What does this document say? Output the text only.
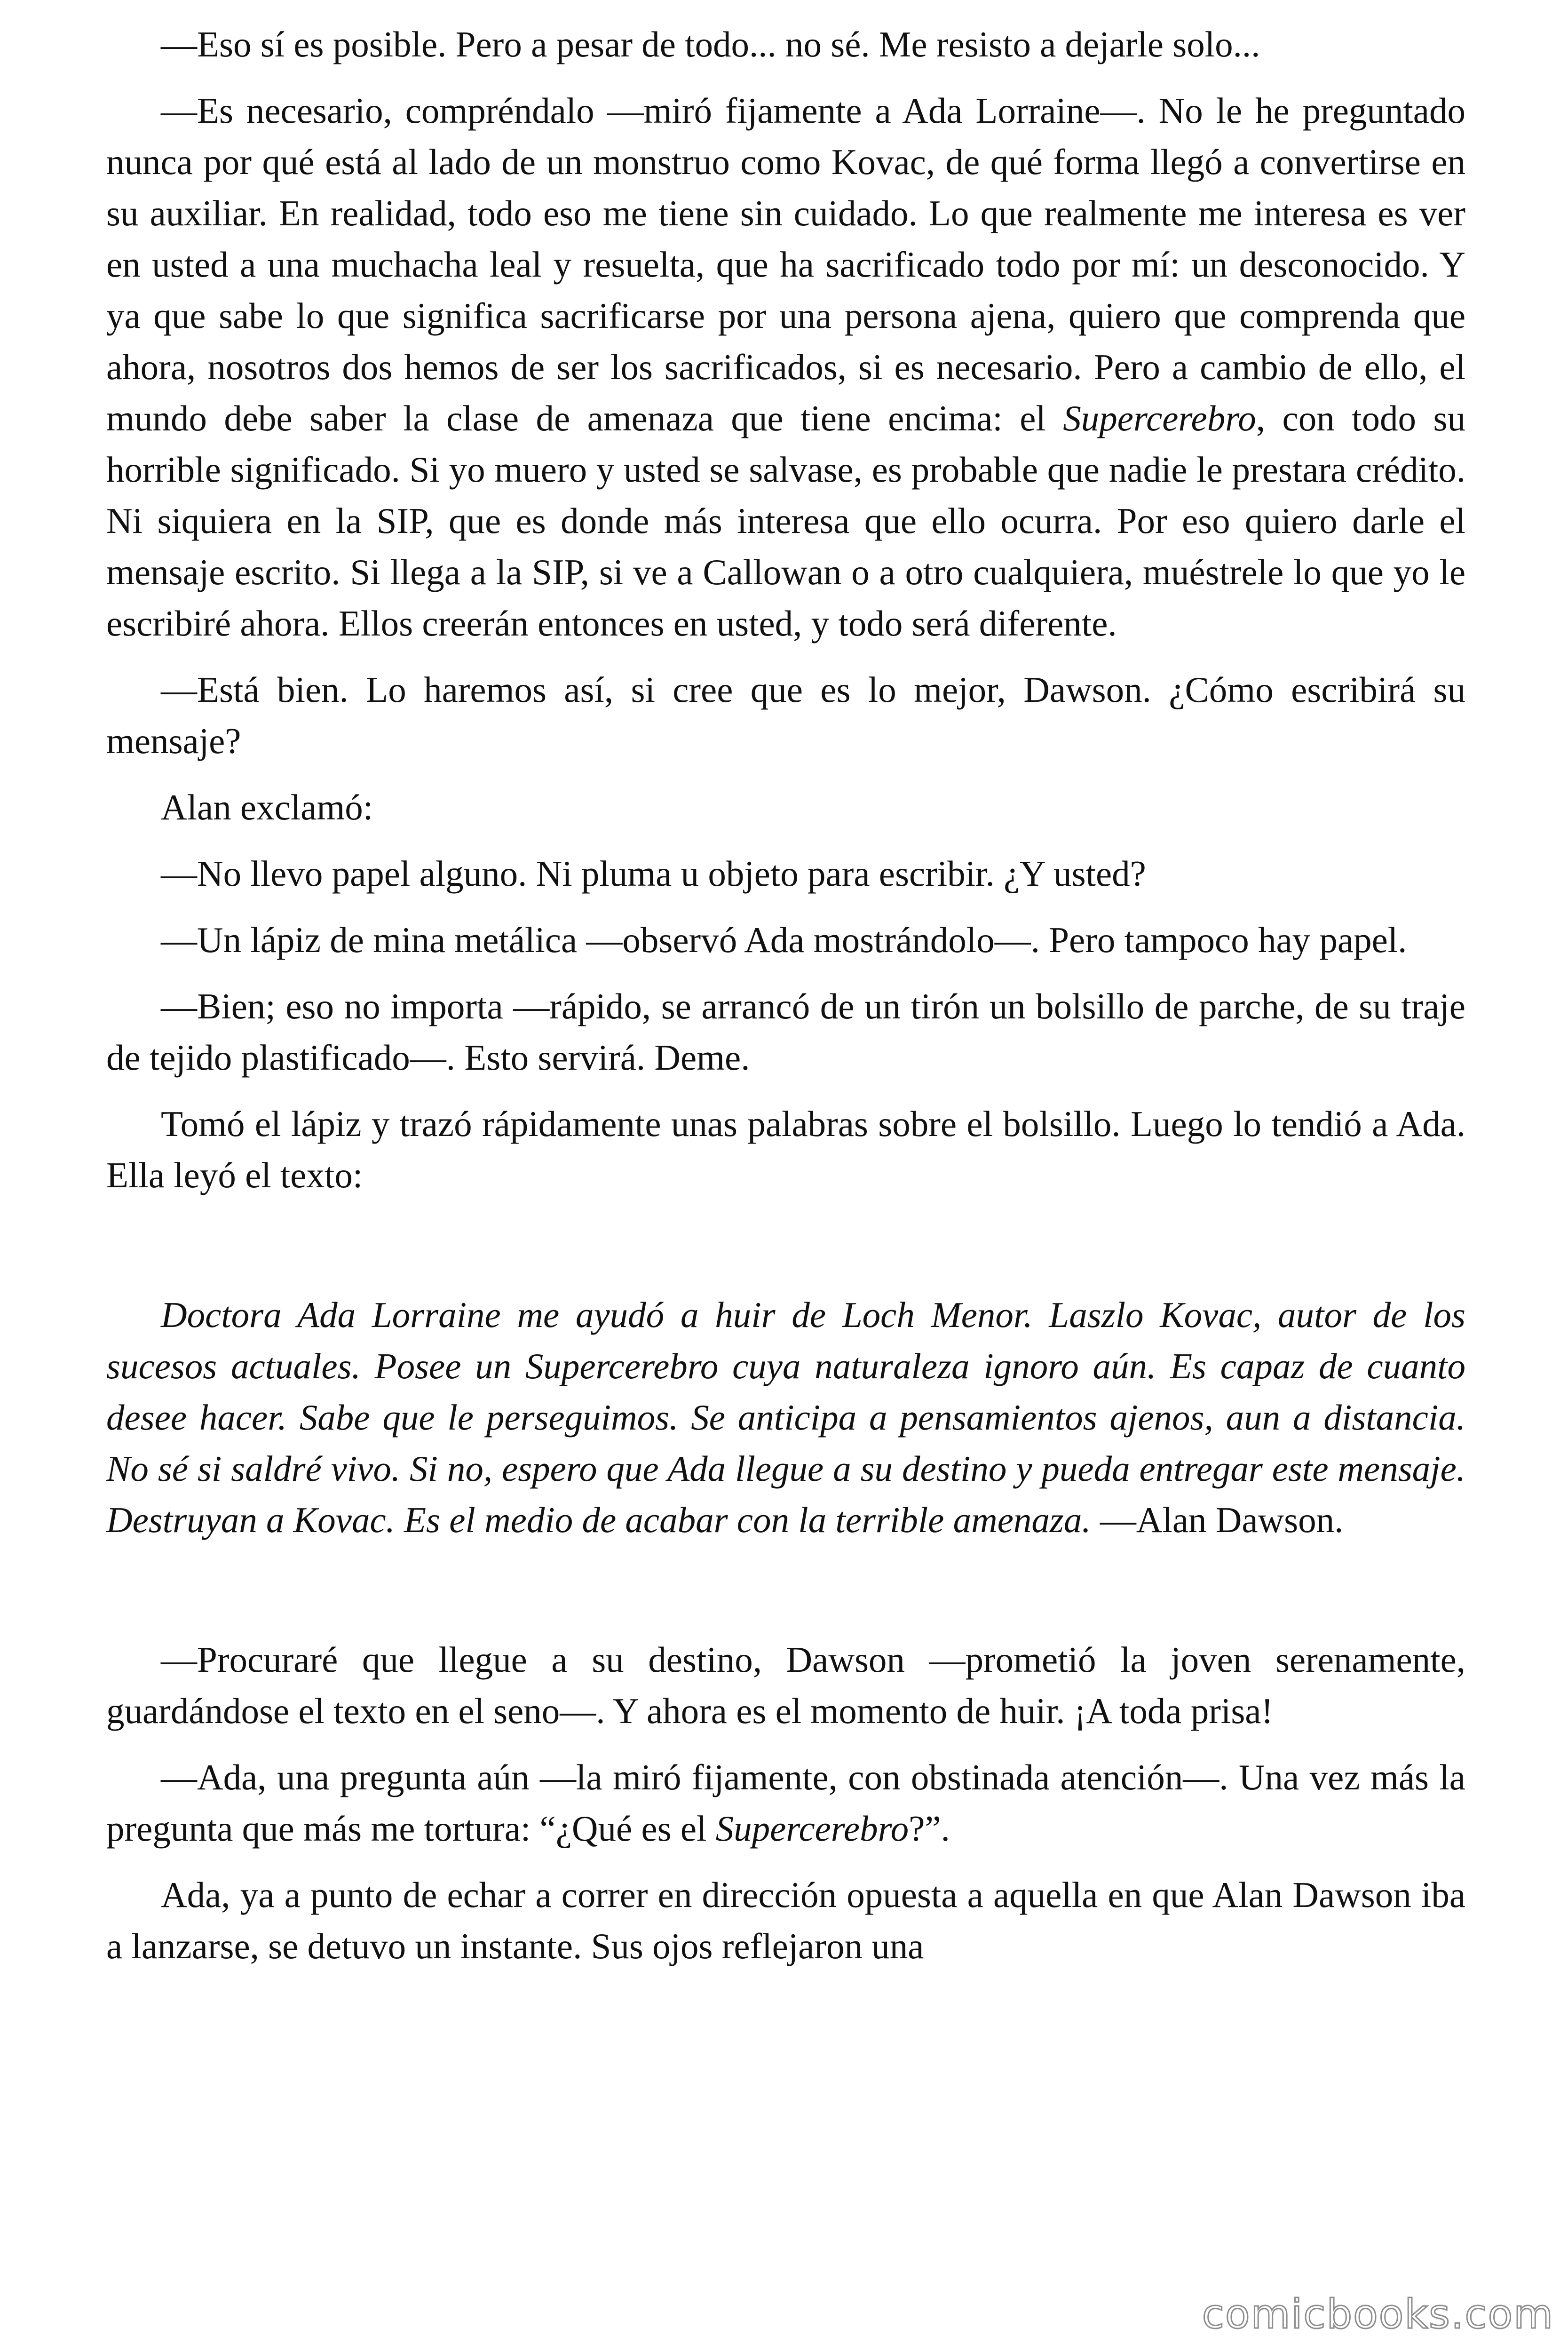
—Eso sí es posible. Pero a pesar de todo... no sé. Me resisto a dejarle solo...

—Es necesario, compréndalo —miró fijamente a Ada Lorraine—. No le he preguntado nunca por qué está al lado de un monstruo como Kovac, de qué forma llegó a convertirse en su auxiliar. En realidad, todo eso me tiene sin cuidado. Lo que realmente me interesa es ver en usted a una muchacha leal y resuelta, que ha sacrificado todo por mí: un desconocido. Y ya que sabe lo que significa sacrificarse por una persona ajena, quiero que comprenda que ahora, nosotros dos hemos de ser los sacrificados, si es necesario. Pero a cambio de ello, el mundo debe saber la clase de amenaza que tiene encima: el Supercerebro, con todo su horrible significado. Si yo muero y usted se salvase, es probable que nadie le prestara crédito. Ni siquiera en la SIP, que es donde más interesa que ello ocurra. Por eso quiero darle el mensaje escrito. Si llega a la SIP, si ve a Callowan o a otro cualquiera, muéstrele lo que yo le escribiré ahora. Ellos creerán entonces en usted, y todo será diferente.

—Está bien. Lo haremos así, si cree que es lo mejor, Dawson. ¿Cómo escribirá su mensaje?

Alan exclamó:

—No llevo papel alguno. Ni pluma u objeto para escribir. ¿Y usted?

—Un lápiz de mina metálica —observó Ada mostrándolo—. Pero tampoco hay papel.

—Bien; eso no importa —rápido, se arrancó de un tirón un bolsillo de parche, de su traje de tejido plastificado—. Esto servirá. Deme.

Tomó el lápiz y trazó rápidamente unas palabras sobre el bolsillo. Luego lo tendió a Ada. Ella leyó el texto:

Doctora Ada Lorraine me ayudó a huir de Loch Menor. Laszlo Kovac, autor de los sucesos actuales. Posee un Supercerebro cuya naturaleza ignoro aún. Es capaz de cuanto desee hacer. Sabe que le perseguimos. Se anticipa a pensamientos ajenos, aun a distancia. No sé si saldré vivo. Si no, espero que Ada llegue a su destino y pueda entregar este mensaje. Destruyan a Kovac. Es el medio de acabar con la terrible amenaza. —Alan Dawson.

—Procuraré que llegue a su destino, Dawson —prometió la joven serenamente, guardándose el texto en el seno—. Y ahora es el momento de huir. ¡A toda prisa!

—Ada, una pregunta aún —la miró fijamente, con obstinada atención—. Una vez más la pregunta que más me tortura: “¿Qué es el Supercerebro?”.

Ada, ya a punto de echar a correr en dirección opuesta a aquella en que Alan Dawson iba a lanzarse, se detuvo un instante. Sus ojos reflejaron una

comicbooks.com
